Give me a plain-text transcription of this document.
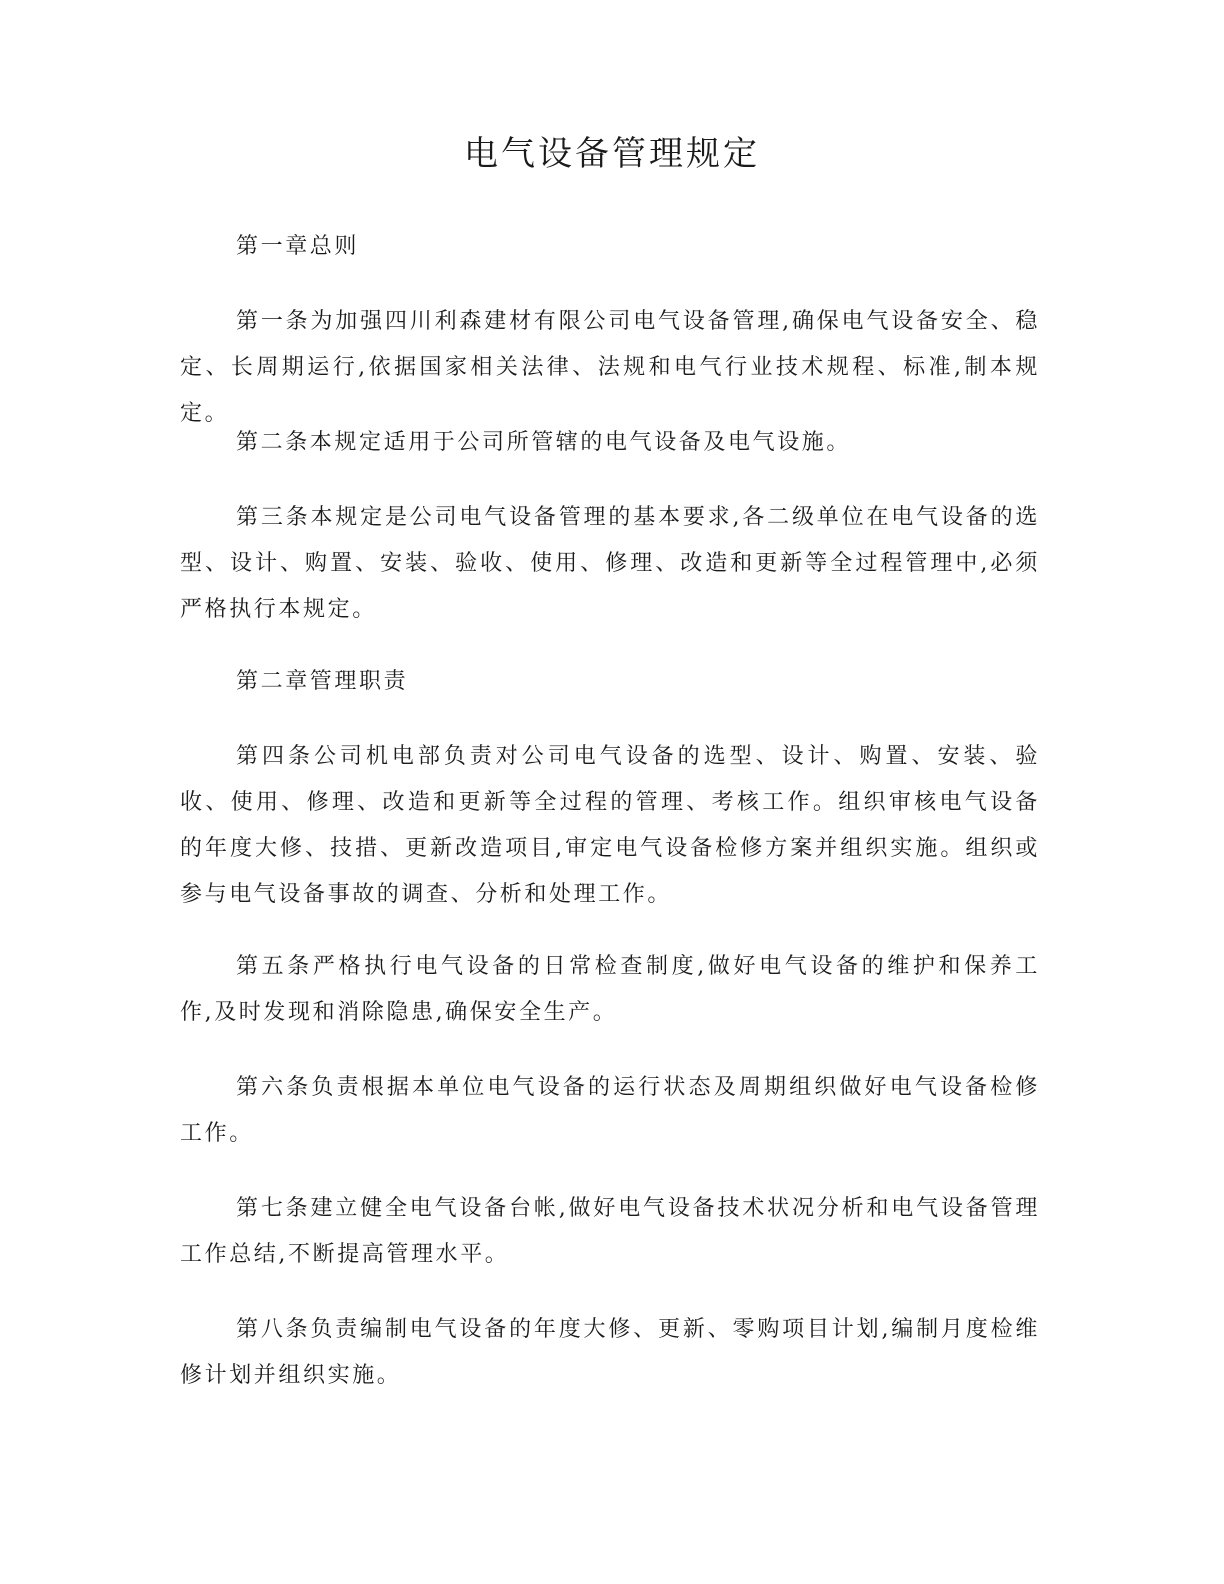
电气设备管理规定

第一章总则

第一条为加强四川利森建材有限公司电气设备管理,确保电气设备安全、稳定、长周期运行,依据国家相关法律、法规和电气行业技术规程、标准,制本规定。

第二条本规定适用于公司所管辖的电气设备及电气设施。

第三条本规定是公司电气设备管理的基本要求,各二级单位在电气设备的选型、设计、购置、安装、验收、使用、修理、改造和更新等全过程管理中,必须严格执行本规定。

第二章管理职责

第四条公司机电部负责对公司电气设备的选型、设计、购置、安装、验收、使用、修理、改造和更新等全过程的管理、考核工作。组织审核电气设备的年度大修、技措、更新改造项目,审定电气设备检修方案并组织实施。组织或参与电气设备事故的调查、分析和处理工作。

第五条严格执行电气设备的日常检查制度,做好电气设备的维护和保养工作,及时发现和消除隐患,确保安全生产。

第六条负责根据本单位电气设备的运行状态及周期组织做好电气设备检修工作。

第七条建立健全电气设备台帐,做好电气设备技术状况分析和电气设备管理工作总结,不断提高管理水平。

第八条负责编制电气设备的年度大修、更新、零购项目计划,编制月度检维修计划并组织实施。
